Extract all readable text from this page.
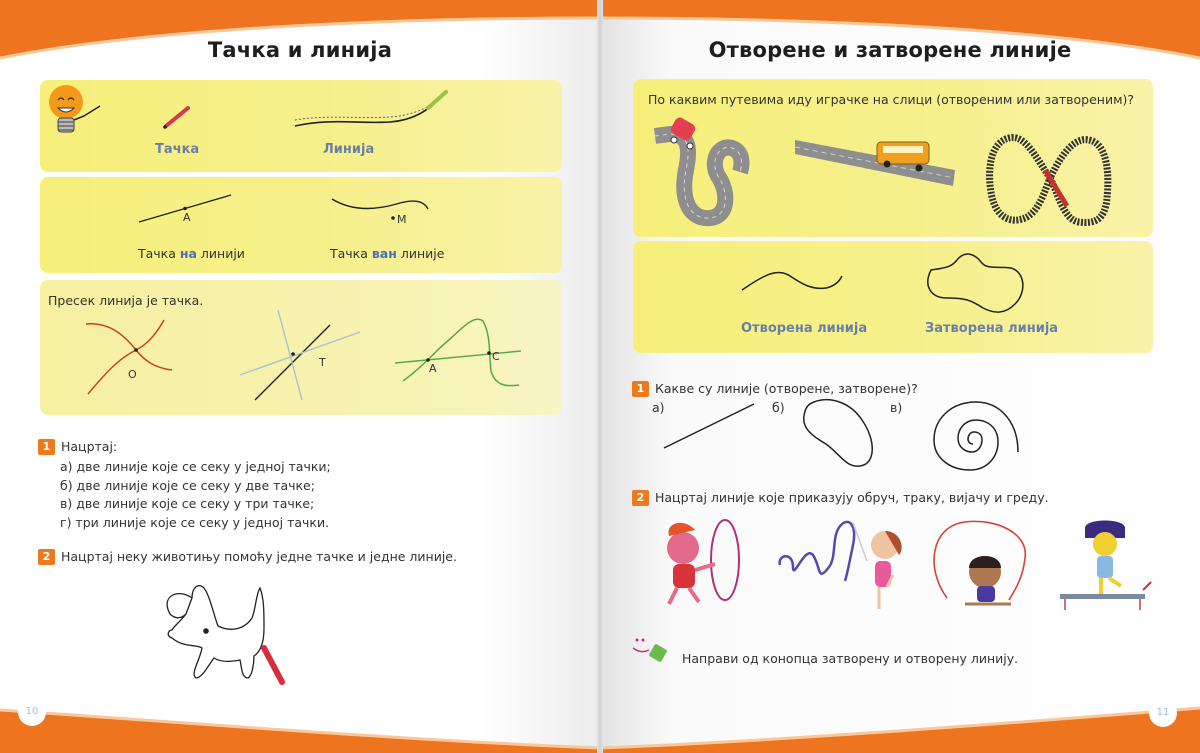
Тачка и линија
Тачка	Линија
A	M
Тачка на линији	Тачка ван линије
Пресек линија је тачка.
O
T	A
C
1 Нацртај:
а) две линије које се секу у једној тачки;
б) две линије које се секу у две тачке;
в) две линије које се секу у три тачке;
г) три линије које се секу у једној тачки.
2 Нацртај неку животињу помоћу једне тачке и једне линије.
10
Отворене и затворене линије
По каквим путевима иду играчке на слици (отвореним или затвореним)?
Отворена линија	Затворена линија
1 Какве су линије (отворене, затворене)?
а)	б)	в)
2 Нацртај линије које приказују обруч, траку, вијачу и греду.
Направи од конопца затворену и отворену линију.
11
